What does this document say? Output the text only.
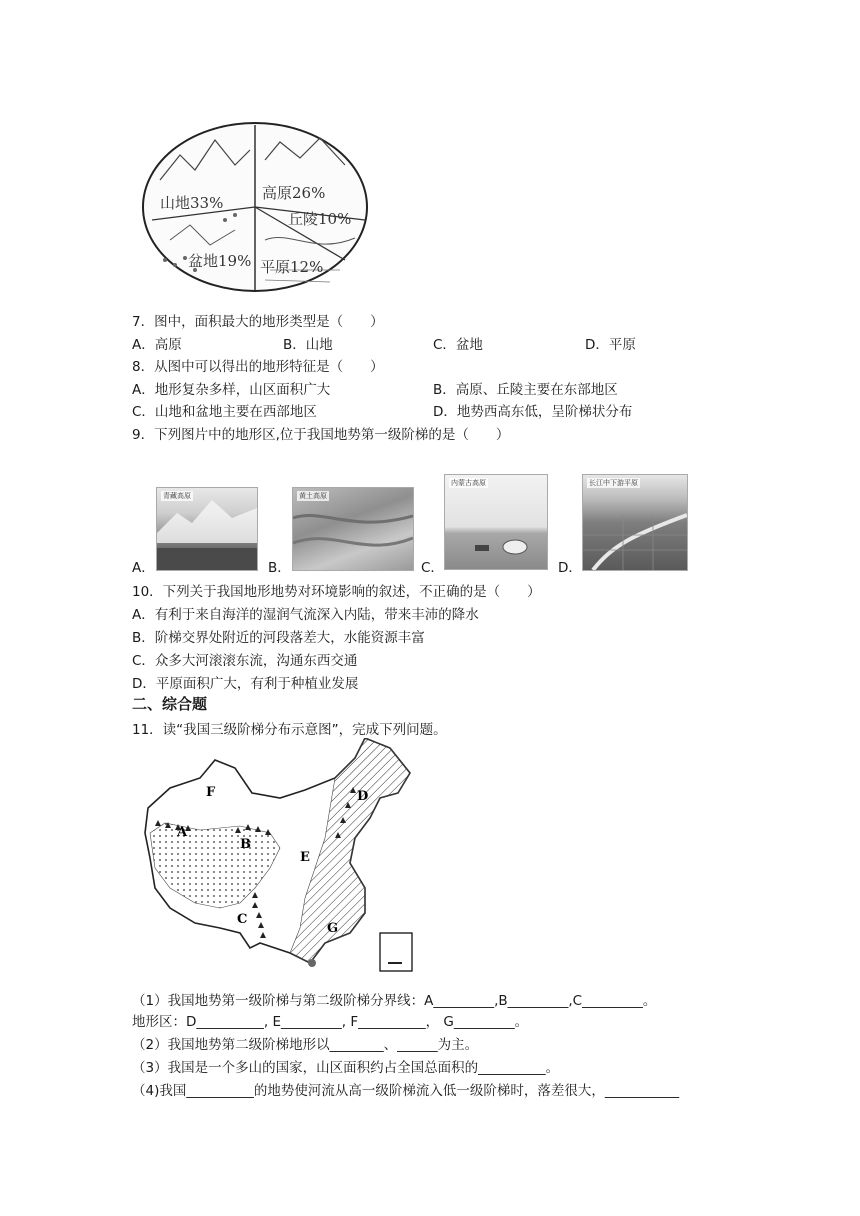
高原26%
丘陵10%
平原12%
盆地19%
山地33%
7．图中，面积最大的地形类型是（　　）
A．高原	B．山地	C．盆地	D．平原
8．从图中可以得出的地形特征是（　　）
A．地形复杂多样，山区面积广大	B．高原、丘陵主要在东部地区
C．山地和盆地主要在西部地区	D．地势西高东低，呈阶梯状分布
9．下列图片中的地形区,位于我国地势第一级阶梯的是（　　）
A．
青藏高原
B．
黄土高原
C．
内蒙古高原
D．
长江中下游平原
10．下列关于我国地形地势对环境影响的叙述，不正确的是（　　）
A．有利于来自海洋的湿润气流深入内陆，带来丰沛的降水
B．阶梯交界处附近的河段落差大，水能资源丰富
C．众多大河滚滚东流，沟通东西交通
D．平原面积广大，有利于种植业发展
二、综合题
11．读“我国三级阶梯分布示意图”，完成下列问题。
F
A
B
E
D
C
G
（1）我国地势第一级阶梯与第二级阶梯分界线：A_________,B_________,C_________。
地形区：D__________, E_________, F__________， G_________。
（2）我国地势第二级阶梯地形以________、______为主。
（3）我国是一个多山的国家，山区面积约占全国总面积的__________。
（4)我国__________的地势使河流从高一级阶梯流入低一级阶梯时，落差很大，___________
